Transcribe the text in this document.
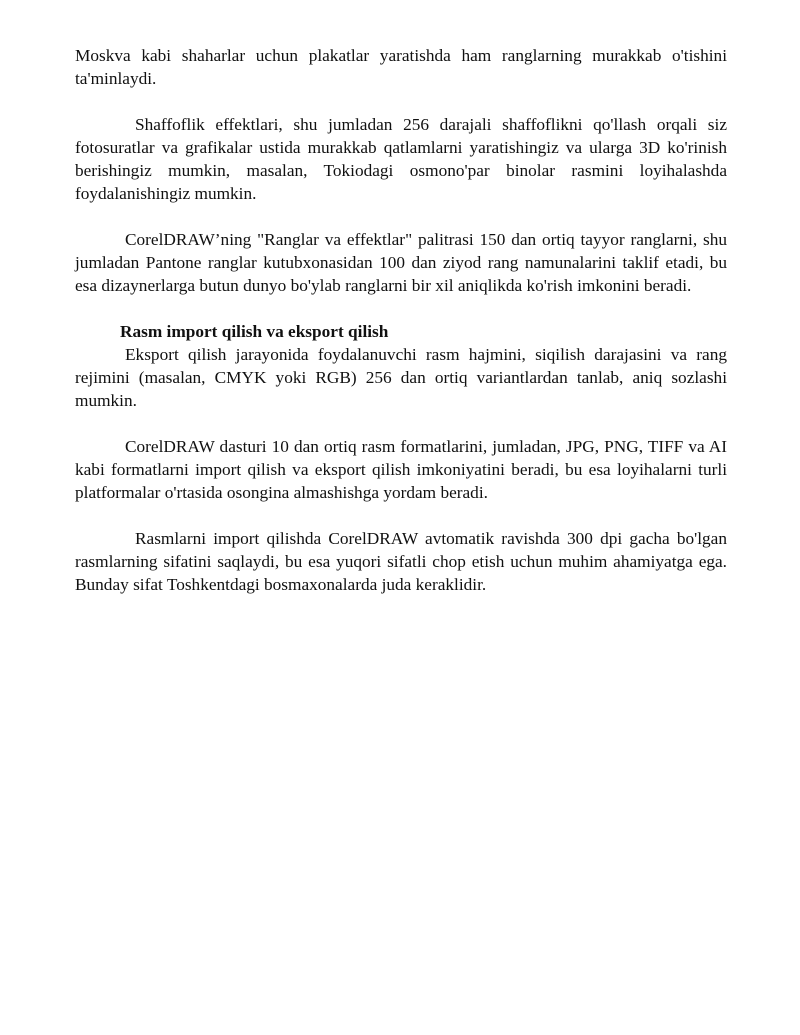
Moskva kabi shaharlar uchun plakatlar yaratishda ham ranglarning murakkab o'tishini ta'minlaydi.

Shaffoflik effektlari, shu jumladan 256 darajali shaffoflikni qo'llash orqali siz fotosuratlar va grafikalar ustida murakkab qatlamlarni yaratishingiz va ularga 3D ko'rinish berishingiz mumkin, masalan, Tokiodagi osmono'par binolar rasmini loyihalashda foydalanishingiz mumkin.

CorelDRAW’ning "Ranglar va effektlar" palitrasi 150 dan ortiq tayyor ranglarni, shu jumladan Pantone ranglar kutubxonasidan 100 dan ziyod rang namunalarini taklif etadi, bu esa dizaynerlarga butun dunyo bo'ylab ranglarni bir xil aniqlikda ko'rish imkonini beradi.

Rasm import qilish va eksport qilish

Eksport qilish jarayonida foydalanuvchi rasm hajmini, siqilish darajasini va rang rejimini (masalan, CMYK yoki RGB) 256 dan ortiq variantlardan tanlab, aniq sozlashi mumkin.

CorelDRAW dasturi 10 dan ortiq rasm formatlarini, jumladan, JPG, PNG, TIFF va AI kabi formatlarni import qilish va eksport qilish imkoniyatini beradi, bu esa loyihalarni turli platformalar o'rtasida osongina almashishga yordam beradi.

Rasmlarni import qilishda CorelDRAW avtomatik ravishda 300 dpi gacha bo'lgan rasmlarning sifatini saqlaydi, bu esa yuqori sifatli chop etish uchun muhim ahamiyatga ega. Bunday sifat Toshkentdagi bosmaxonalarda juda keraklidir.
